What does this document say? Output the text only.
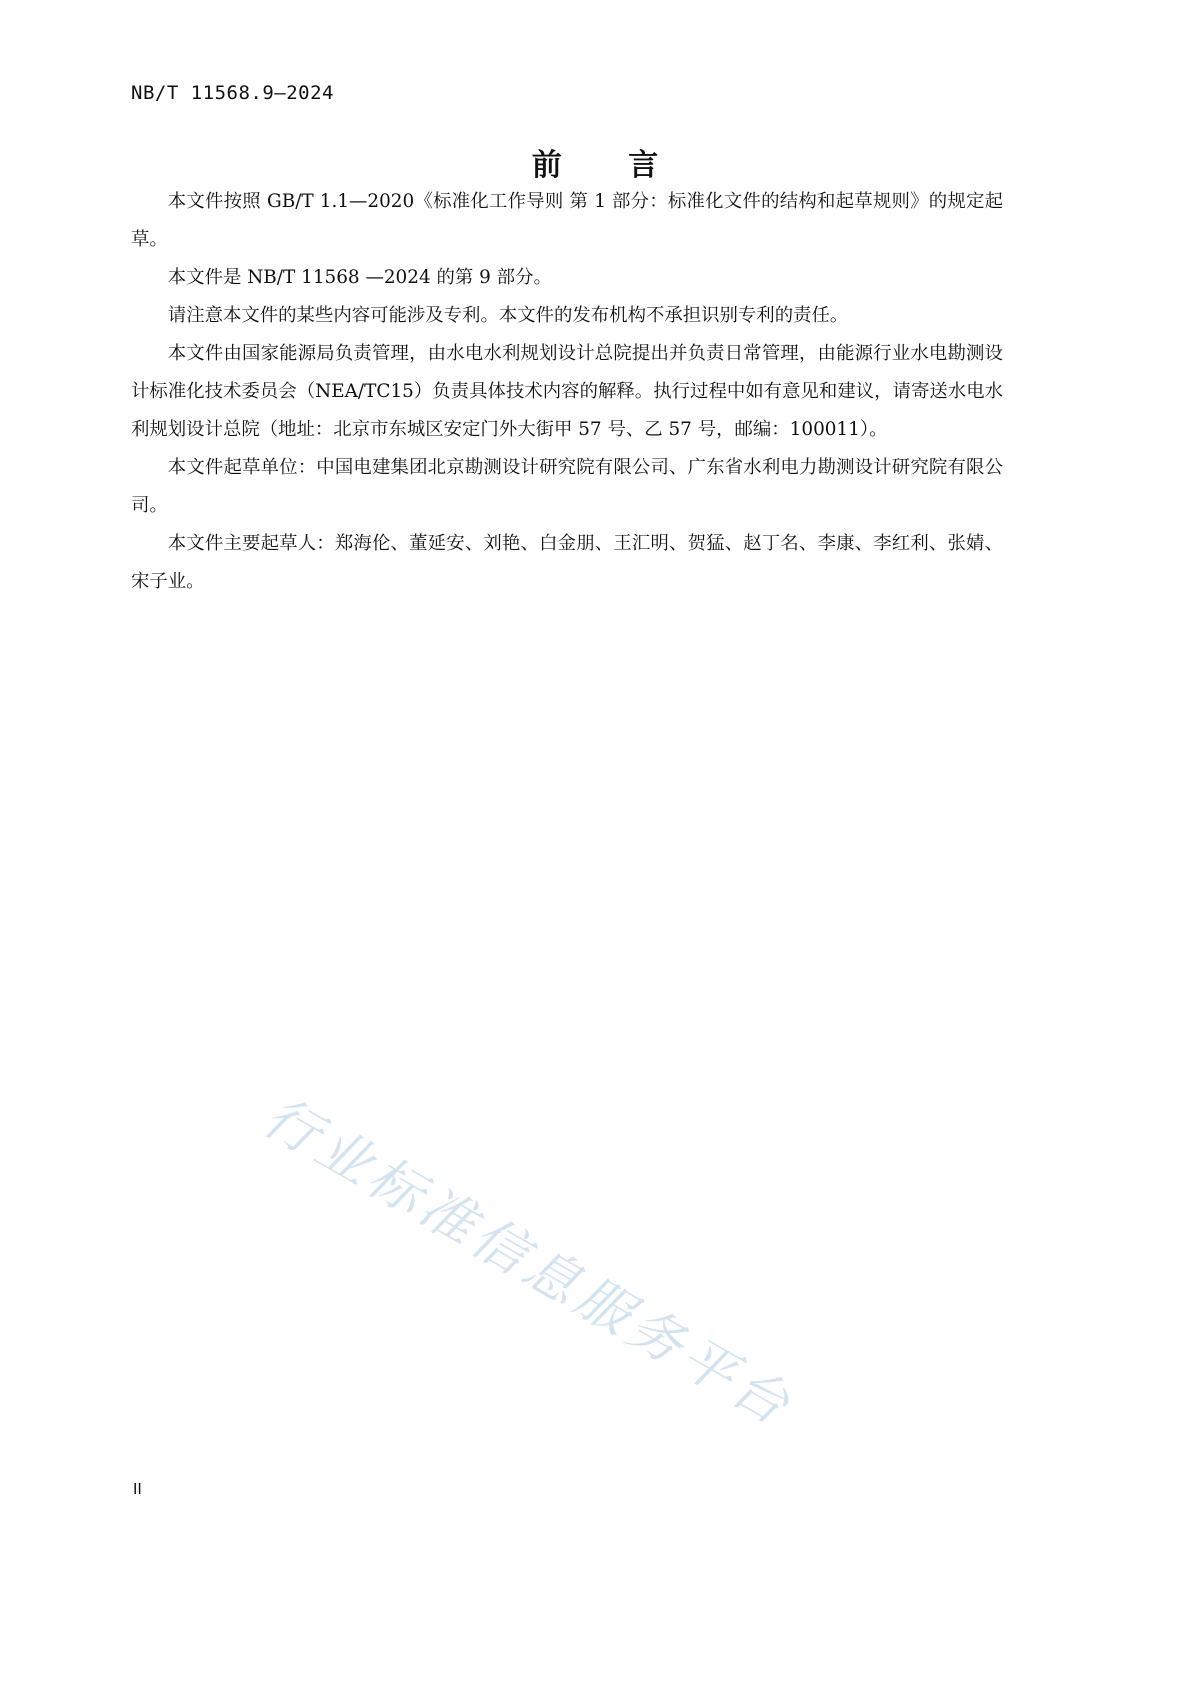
NB/T 11568.9—2024
前 言

本文件按照 GB/T 1.1—2020《标准化工作导则 第 1 部分：标准化文件的结构和起草规则》的规定起草。

本文件是 NB/T 11568 —2024 的第 9 部分。

请注意本文件的某些内容可能涉及专利。本文件的发布机构不承担识别专利的责任。

本文件由国家能源局负责管理，由水电水利规划设计总院提出并负责日常管理，由能源行业水电勘测设计标准化技术委员会（NEA/TC15）负责具体技术内容的解释。执行过程中如有意见和建议，请寄送水电水利规划设计总院（地址：北京市东城区安定门外大街甲 57 号、乙 57 号，邮编：100011）。

本文件起草单位：中国电建集团北京勘测设计研究院有限公司、广东省水利电力勘测设计研究院有限公司。

本文件主要起草人：郑海伦、董延安、刘艳、白金朋、王汇明、贺猛、赵丁名、李康、李红利、张婧、宋子业。

行业标准信息服务平台
II
